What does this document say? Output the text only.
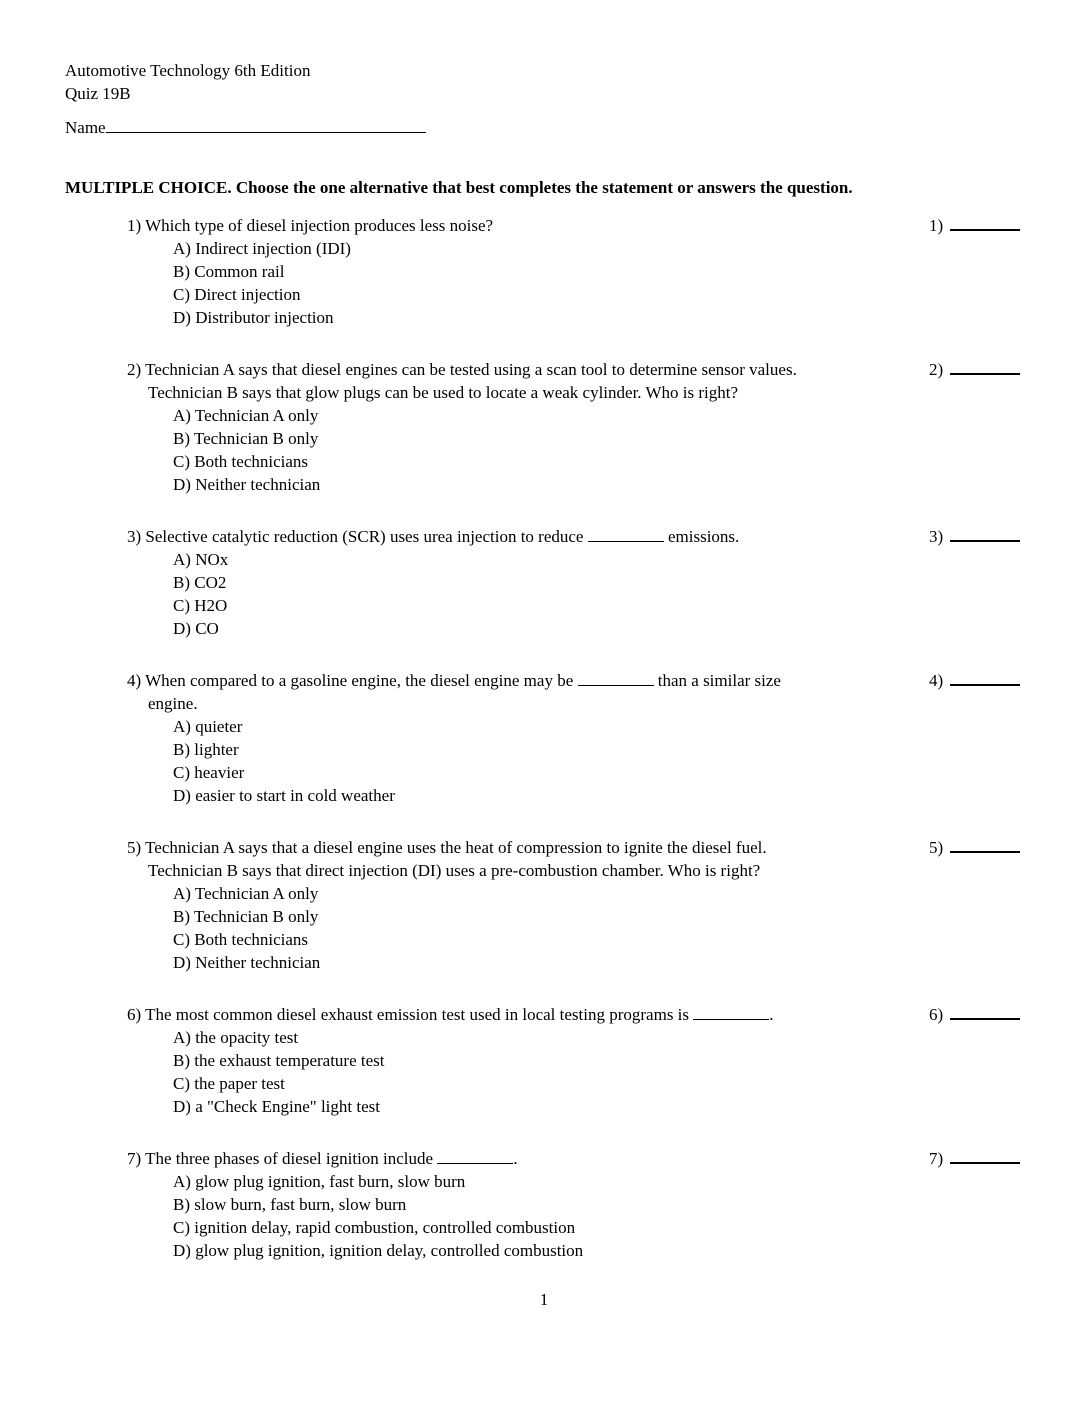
Automotive Technology 6th Edition
Quiz 19B
Name
MULTIPLE CHOICE. Choose the one alternative that best completes the statement or answers the question.
1) Which type of diesel injection produces less noise?
A) Indirect injection (IDI)
B) Common rail
C) Direct injection
D) Distributor injection
1)
2) Technician A says that diesel engines can be tested using a scan tool to determine sensor values.
Technician B says that glow plugs can be used to locate a weak cylinder. Who is right?
A) Technician A only
B) Technician B only
C) Both technicians
D) Neither technician
2)
3) Selective catalytic reduction (SCR) uses urea injection to reduce	emissions.
A) NOx
B) CO2
C) H2O
D) CO
3)
4) When compared to a gasoline engine, the diesel engine may be	than a similar size
engine.
A) quieter
B) lighter
C) heavier
D) easier to start in cold weather
4)
5) Technician A says that a diesel engine uses the heat of compression to ignite the diesel fuel.
Technician B says that direct injection (DI) uses a pre-combustion chamber. Who is right?
A) Technician A only
B) Technician B only
C) Both technicians
D) Neither technician
5)
6) The most common diesel exhaust emission test used in local testing programs is	.
A) the opacity test
B) the exhaust temperature test
C) the paper test
D) a "Check Engine" light test
6)
7) The three phases of diesel ignition include	.
A) glow plug ignition, fast burn, slow burn
B) slow burn, fast burn, slow burn
C) ignition delay, rapid combustion, controlled combustion
D) glow plug ignition, ignition delay, controlled combustion
7)
1
